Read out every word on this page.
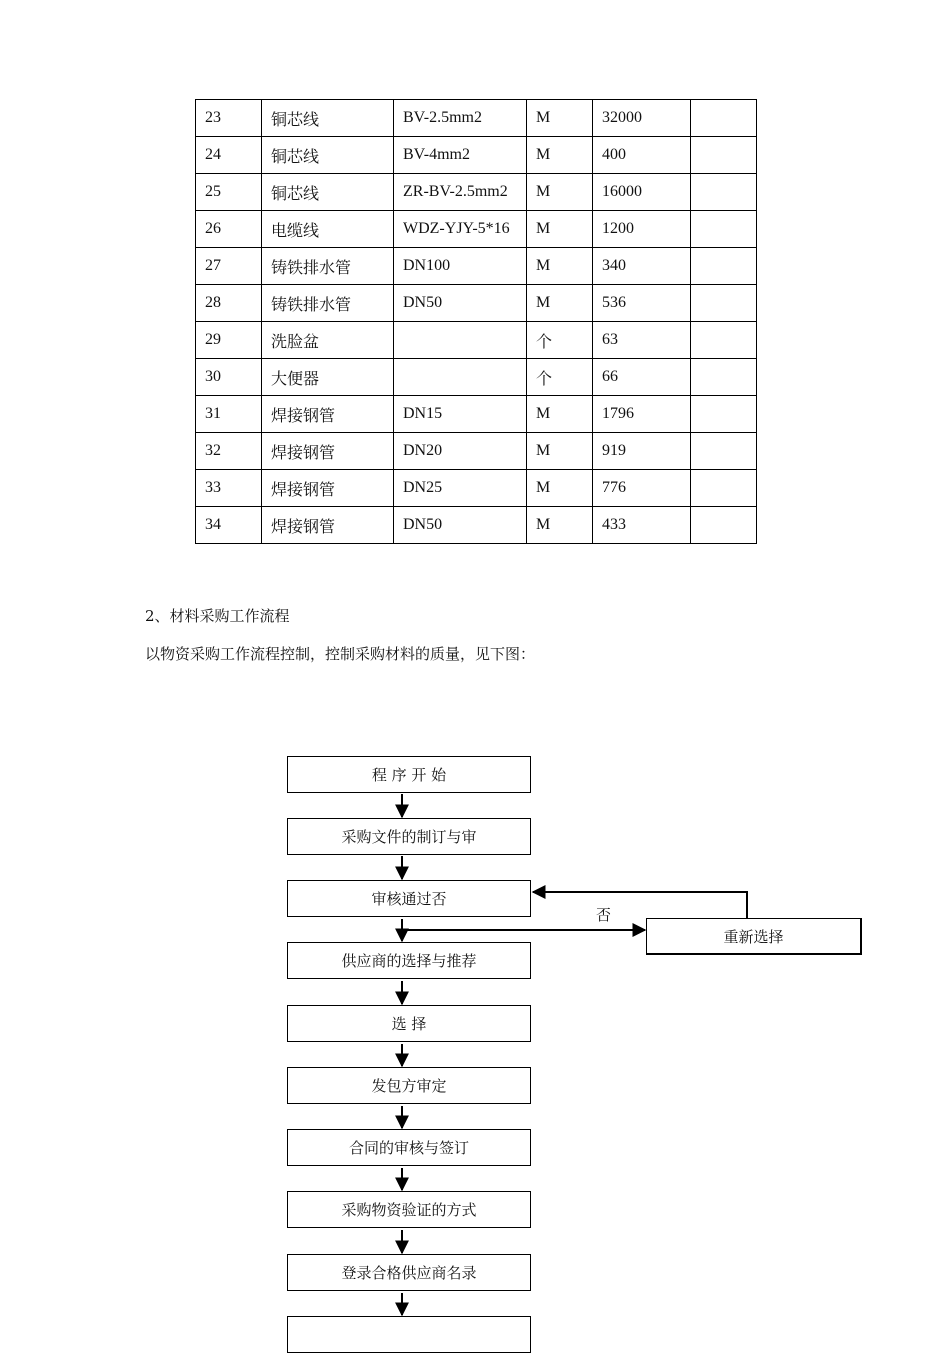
23	铜芯线	BV-2.5mm2	M	32000	
24	铜芯线	BV-4mm2	M	400	
25	铜芯线	ZR-BV-2.5mm2	M	16000	
26	电缆线	WDZ-YJY-5*16	M	1200	
27	铸铁排水管	DN100	M	340	
28	铸铁排水管	DN50	M	536	
29	洗脸盆		个	63	
30	大便器		个	66	
31	焊接钢管	DN15	M	1796	
32	焊接钢管	DN20	M	919	
33	焊接钢管	DN25	M	776	
34	焊接钢管	DN50	M	433	
2、材料采购工作流程
以物资采购工作流程控制，控制采购材料的质量，见下图：
程 序 开 始
采购文件的制订与审
审核通过否
供应商的选择与推荐
选 择
发包方审定
合同的审核与签订
采购物资验证的方式
登录合格供应商名录
否
重新选择
